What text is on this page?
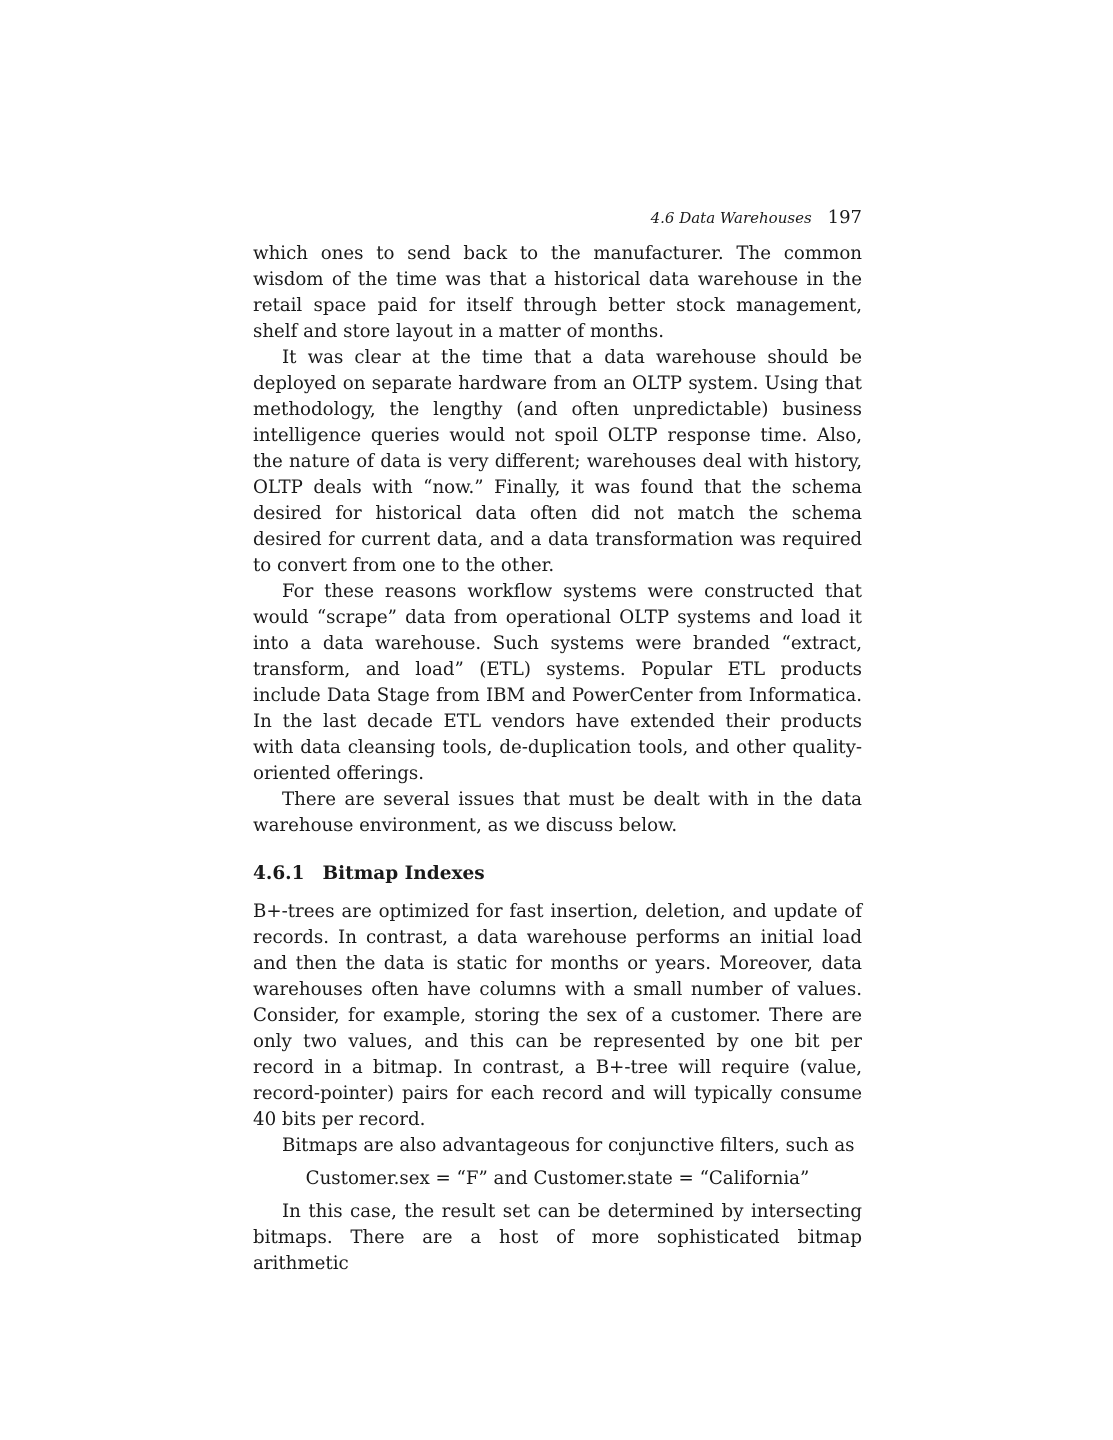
4.6 Data Warehouses 197

which ones to send back to the manufacturer. The common wisdom of the time was that a historical data warehouse in the retail space paid for itself through better stock management, shelf and store layout in a matter of months.

It was clear at the time that a data warehouse should be deployed on separate hardware from an OLTP system. Using that methodology, the lengthy (and often unpredictable) business intelligence queries would not spoil OLTP response time. Also, the nature of data is very different; warehouses deal with history, OLTP deals with “now.” Finally, it was found that the schema desired for historical data often did not match the schema desired for current data, and a data transformation was required to convert from one to the other.

For these reasons workflow systems were constructed that would “scrape” data from operational OLTP systems and load it into a data warehouse. Such systems were branded “extract, transform, and load” (ETL) systems. Popular ETL products include Data Stage from IBM and PowerCenter from Informatica. In the last decade ETL vendors have extended their products with data cleansing tools, de-duplication tools, and other quality-oriented offerings.

There are several issues that must be dealt with in the data warehouse environment, as we discuss below.

4.6.1 Bitmap Indexes

B+-trees are optimized for fast insertion, deletion, and update of records. In contrast, a data warehouse performs an initial load and then the data is static for months or years. Moreover, data warehouses often have columns with a small number of values. Consider, for example, storing the sex of a customer. There are only two values, and this can be represented by one bit per record in a bitmap. In contrast, a B+-tree will require (value, record-pointer) pairs for each record and will typically consume 40 bits per record.

Bitmaps are also advantageous for conjunctive filters, such as

Customer.sex = “F” and Customer.state = “California”

In this case, the result set can be determined by intersecting bitmaps. There are a host of more sophisticated bitmap arithmetic
